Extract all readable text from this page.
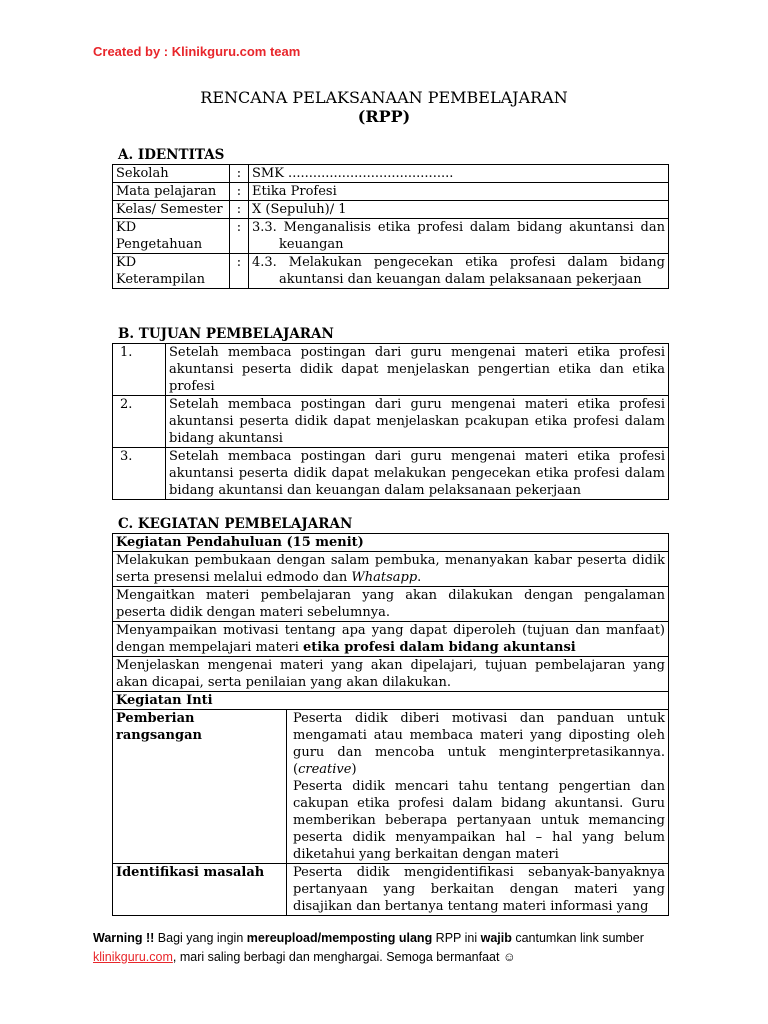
Created by : Klinikguru.com team
RENCANA PELAKSANAAN PEMBELAJARAN
(RPP)
A. IDENTITAS
Sekolah	:	SMK ........................................
Mata pelajaran	:	Etika Profesi
Kelas/ Semester	:	X (Sepuluh)/ 1
KD Pengetahuan	:	3.3. Menganalisis etika profesi dalam bidang akuntansi dan keuangan

KD Keterampilan	:	4.3. Melakukan pengecekan etika profesi dalam bidang akuntansi dan keuangan dalam pelaksanaan pekerjaan
B. TUJUAN PEMBELAJARAN
1.	Setelah membaca postingan dari guru mengenai materi etika profesi akuntansi peserta didik dapat menjelaskan pengertian etika dan etika profesi
2.	Setelah membaca postingan dari guru mengenai materi etika profesi akuntansi peserta didik dapat menjelaskan pcakupan etika profesi dalam bidang akuntansi
3.	Setelah membaca postingan dari guru mengenai materi etika profesi akuntansi peserta didik dapat melakukan pengecekan etika profesi dalam bidang akuntansi dan keuangan dalam pelaksanaan pekerjaan
C. KEGIATAN PEMBELAJARAN
Kegiatan Pendahuluan (15 menit)	
Melakukan pembukaan dengan salam pembuka, menanyakan kabar peserta didik serta presensi melalui edmodo dan Whatsapp.	
Mengaitkan materi pembelajaran yang akan dilakukan dengan pengalaman peserta didik dengan materi sebelumnya.	
Menyampaikan motivasi tentang apa yang dapat diperoleh (tujuan dan manfaat) dengan mempelajari materi etika profesi dalam bidang akuntansi	
Menjelaskan mengenai materi yang akan dipelajari, tujuan pembelajaran yang akan dicapai, serta penilaian yang akan dilakukan.	
Kegiatan Inti	
Pemberian rangsangan	Peserta didik diberi motivasi dan panduan untuk mengamati atau membaca materi yang diposting oleh guru dan mencoba untuk menginterpretasikannya. (creative)
Peserta didik mencari tahu tentang pengertian dan cakupan etika profesi dalam bidang akuntansi. Guru memberikan beberapa pertanyaan untuk memancing peserta didik menyampaikan hal – hal yang belum diketahui yang berkaitan dengan materi

Identifikasi masalah	Peserta didik mengidentifikasi sebanyak-banyaknya pertanyaan yang berkaitan dengan materi yang disajikan dan bertanya tentang materi informasi yang
Warning !! Bagi yang ingin mereupload/memposting ulang RPP ini wajib cantumkan link sumber klinikguru.com, mari saling berbagi dan menghargai. Semoga bermanfaat ☺
